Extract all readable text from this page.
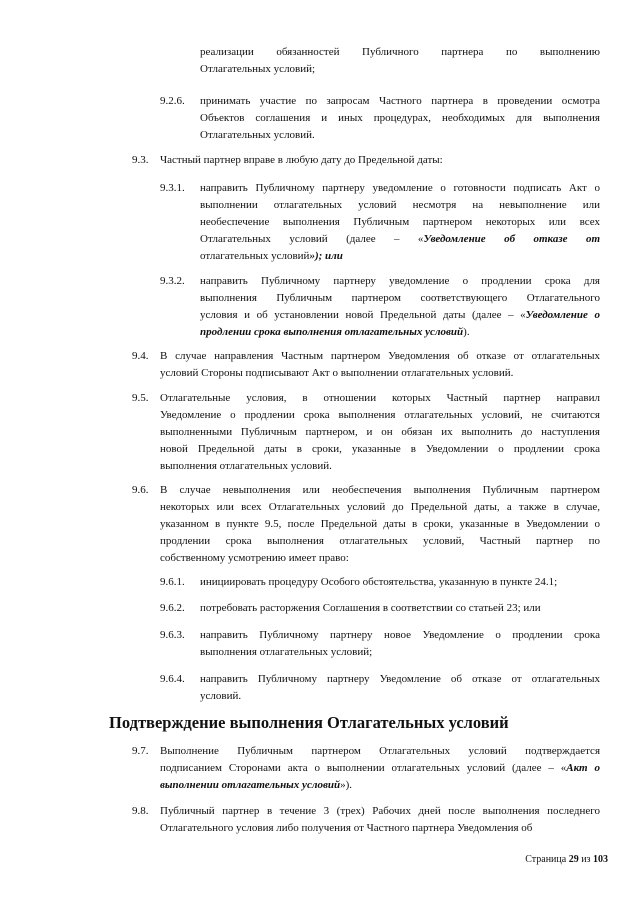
реализации обязанностей Публичного партнера по выполнению
Отлагательных условий;

9.2.6. принимать участие по запросам Частного партнера в проведении осмотра
Объектов соглашения и иных процедурах, необходимых для выполнения
Отлагательных условий.

9.3. Частный партнер вправе в любую дату до Предельной даты:

9.3.1. направить Публичному партнеру уведомление о готовности подписать Акт о
выполнении отлагательных условий несмотря на невыполнение или
необеспечение выполнения Публичным партнером некоторых или всех
Отлагательных условий (далее – «Уведомление об отказе от
отлагательных условий»); или

9.3.2. направить Публичному партнеру уведомление о продлении срока для
выполнения Публичным партнером соответствующего Отлагательного
условия и об установлении новой Предельной даты (далее – «Уведомление о
продлении срока выполнения отлагательных условий).

9.4. В случае направления Частным партнером Уведомления об отказе от отлагательных
условий Стороны подписывают Акт о выполнении отлагательных условий.

9.5. Отлагательные условия, в отношении которых Частный партнер направил
Уведомление о продлении срока выполнения отлагательных условий, не считаются
выполненными Публичным партнером, и он обязан их выполнить до наступления
новой Предельной даты в сроки, указанные в Уведомлении о продлении срока
выполнения отлагательных условий.

9.6. В случае невыполнения или необеспечения выполнения Публичным партнером
некоторых или всех Отлагательных условий до Предельной даты, а также в случае,
указанном в пункте 9.5, после Предельной даты в сроки, указанные в Уведомлении о
продлении срока выполнения отлагательных условий, Частный партнер по
собственному усмотрению имеет право:

9.6.1. инициировать процедуру Особого обстоятельства, указанную в пункте 24.1;

9.6.2. потребовать расторжения Соглашения в соответствии со статьей 23; или

9.6.3. направить Публичному партнеру новое Уведомление о продлении срока
выполнения отлагательных условий;

9.6.4. направить Публичному партнеру Уведомление об отказе от отлагательных
условий.

Подтверждение выполнения Отлагательных условий

9.7. Выполнение Публичным партнером Отлагательных условий подтверждается
подписанием Сторонами акта о выполнении отлагательных условий (далее – «Акт о
выполнении отлагательных условий»).

9.8. Публичный партнер в течение 3 (трех) Рабочих дней после выполнения последнего
Отлагательного условия либо получения от Частного партнера Уведомления об

Страница 29 из 103
